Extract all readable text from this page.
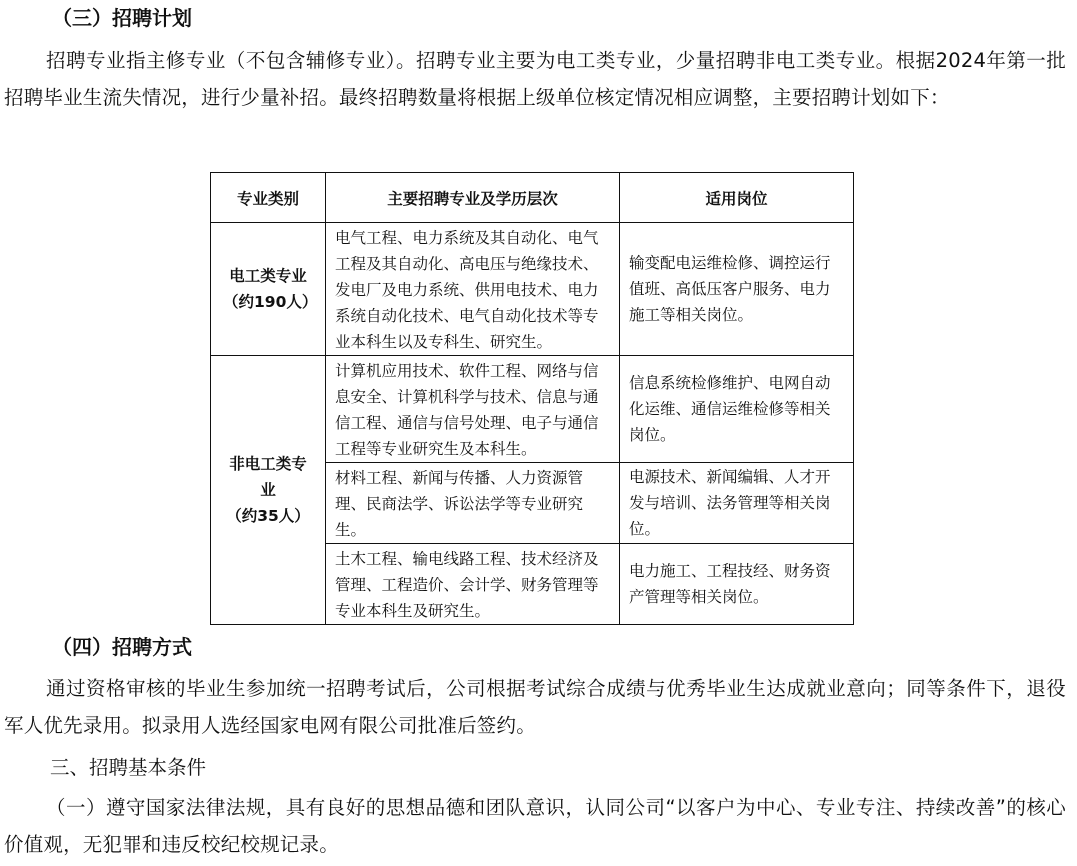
（三）招聘计划
招聘专业指主修专业（不包含辅修专业）。招聘专业主要为电工类专业，少量招聘非电工类专业。根据2024年第一批招聘毕业生流失情况，进行少量补招。最终招聘数量将根据上级单位核定情况相应调整，主要招聘计划如下：
专业类别	主要招聘专业及学历层次	适用岗位

电工类专业
（约190人）	电气工程、电力系统及其自动化、电气工程及其自动化、高电压与绝缘技术、发电厂及电力系统、供用电技术、电力系统自动化技术、电气自动化技术等专业本科生以及专科生、研究生。	输变配电运维检修、调控运行值班、高低压客户服务、电力施工等相关岗位。

非电工类专业
（约35人）	计算机应用技术、软件工程、网络与信息安全、计算机科学与技术、信息与通信工程、通信与信号处理、电子与通信工程等专业研究生及本科生。	信息系统检修维护、电网自动化运维、通信运维检修等相关岗位。
	材料工程、新闻与传播、人力资源管理、民商法学、诉讼法学等专业研究生。	电源技术、新闻编辑、人才开发与培训、法务管理等相关岗位。
	土木工程、输电线路工程、技术经济及管理、工程造价、会计学、财务管理等专业本科生及研究生。	电力施工、工程技经、财务资产管理等相关岗位。
（四）招聘方式
通过资格审核的毕业生参加统一招聘考试后，公司根据考试综合成绩与优秀毕业生达成就业意向；同等条件下，退役军人优先录用。拟录用人选经国家电网有限公司批准后签约。
三、招聘基本条件
（一）遵守国家法律法规，具有良好的思想品德和团队意识，认同公司“以客户为中心、专业专注、持续改善”的核心价值观，无犯罪和违反校纪校规记录。
